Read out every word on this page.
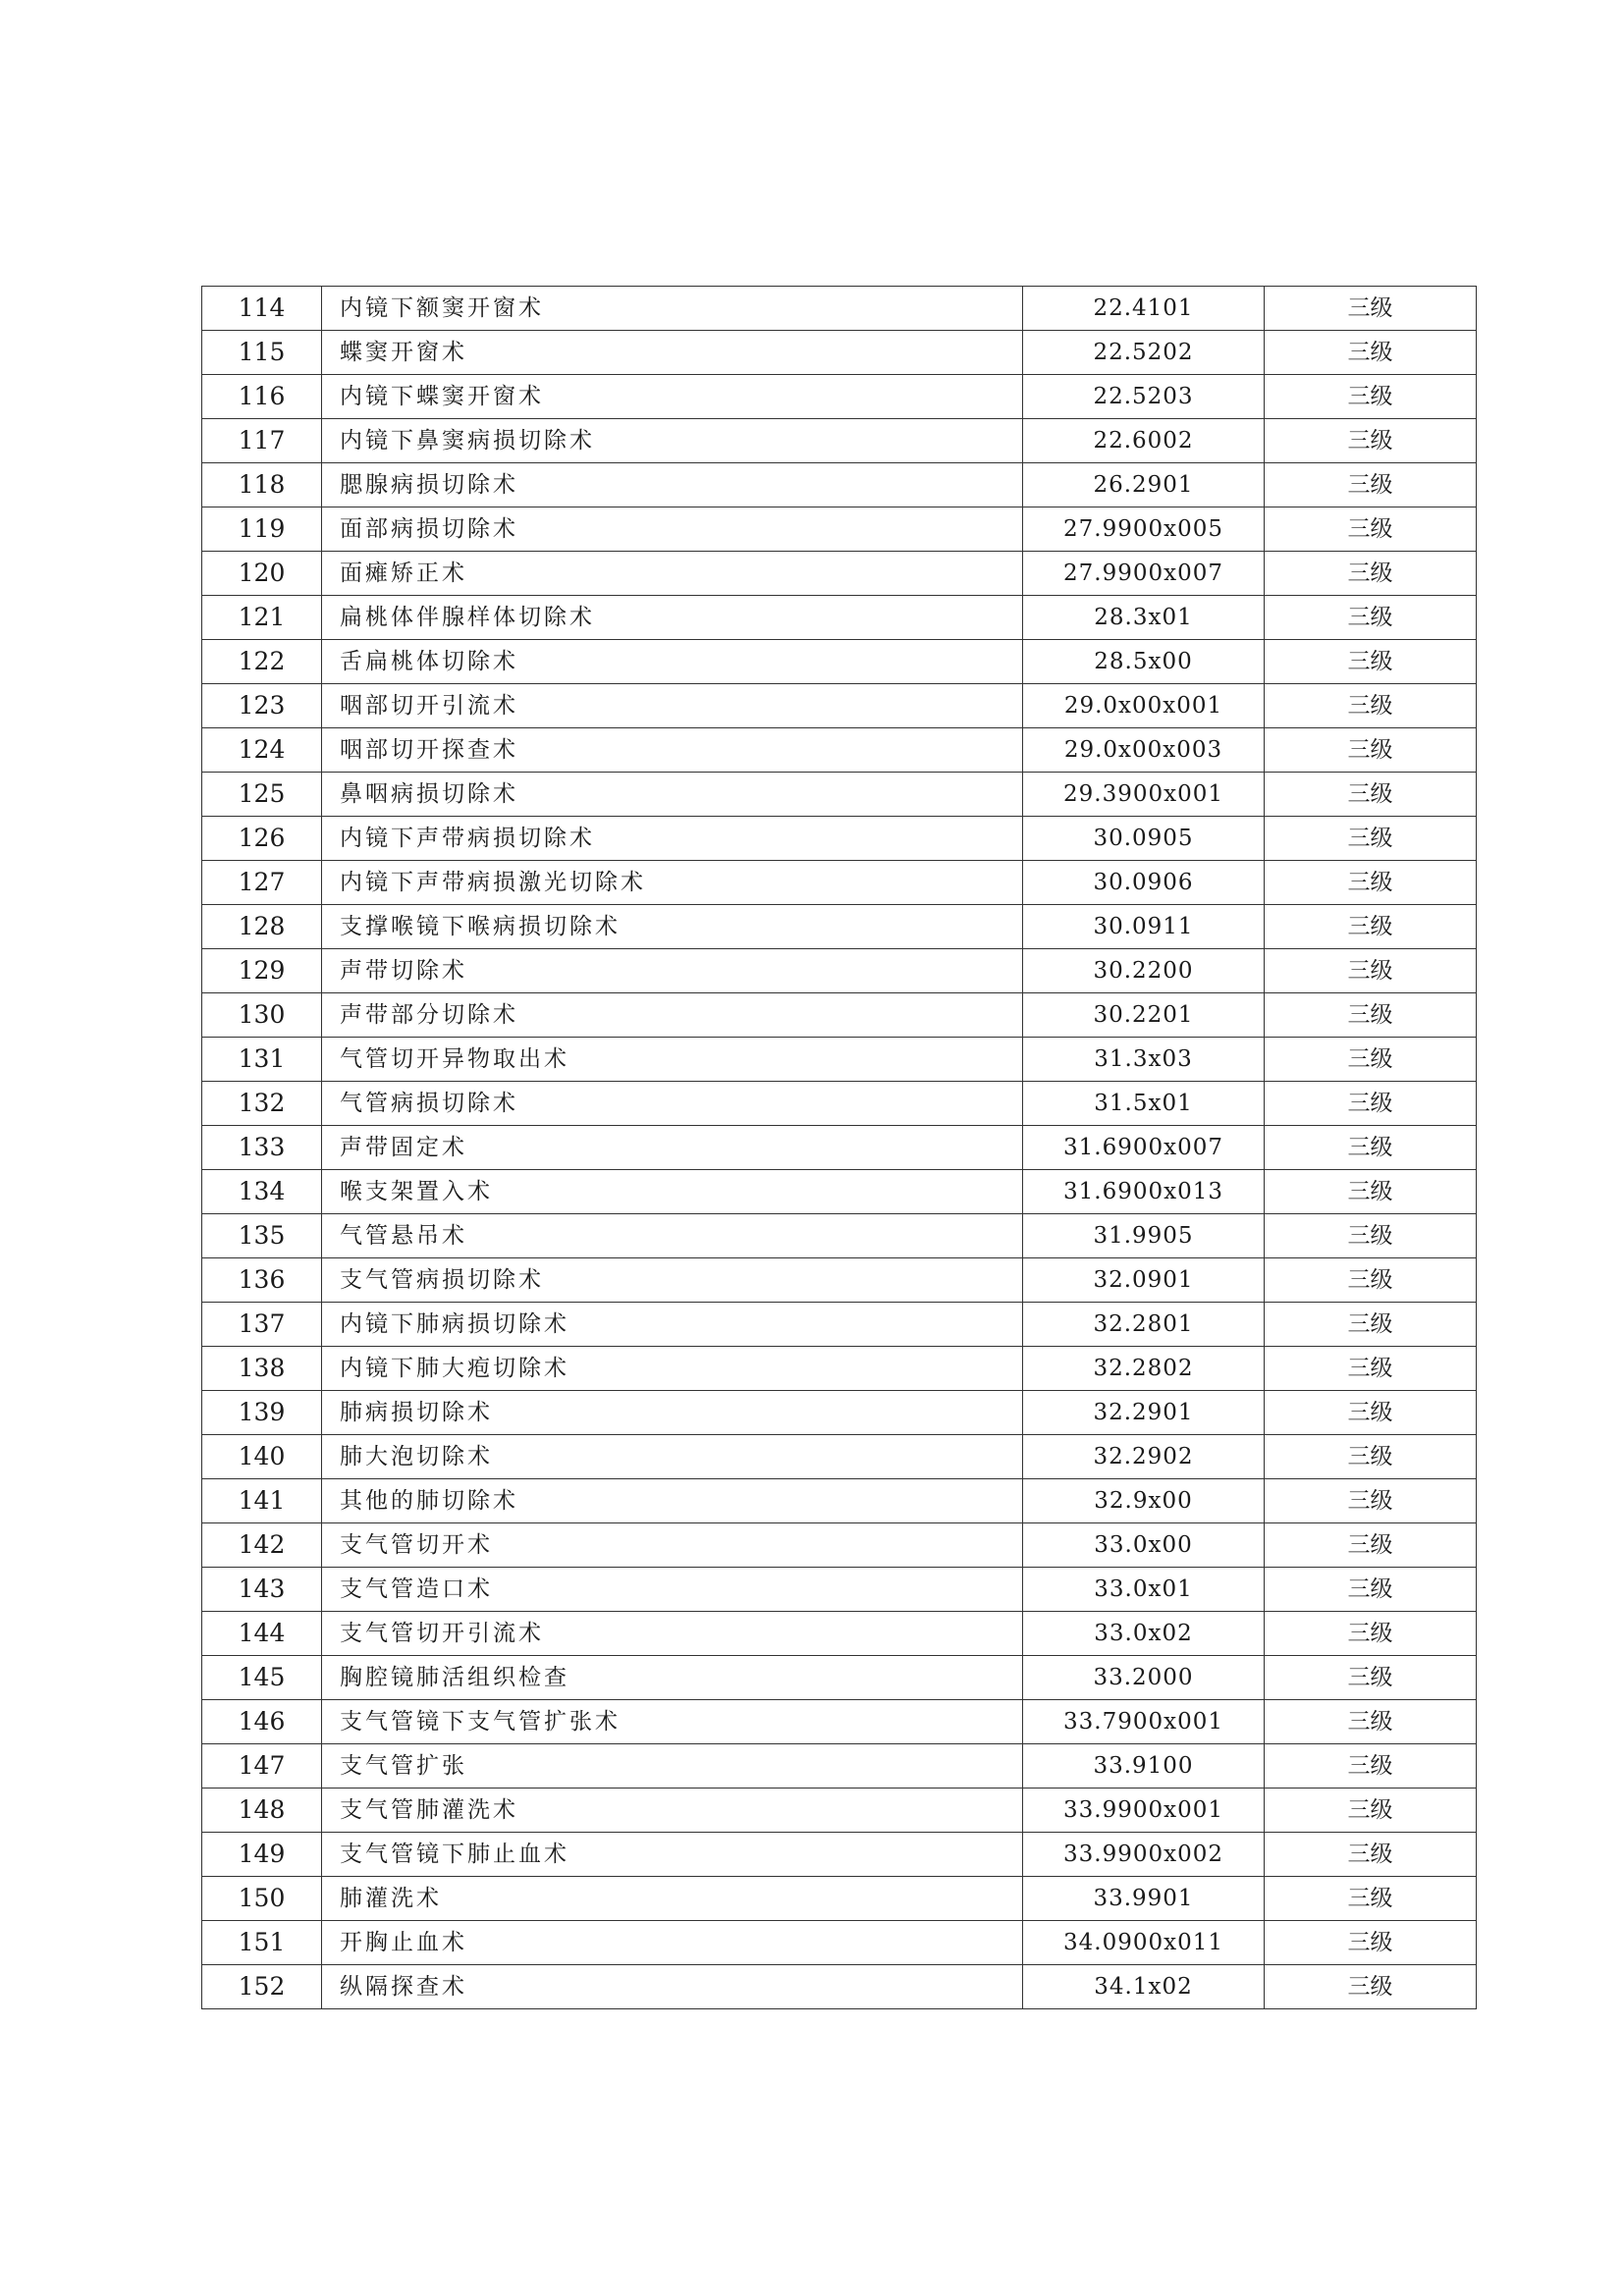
114	内镜下额窦开窗术	22.4101	三级
115	蝶窦开窗术	22.5202	三级
116	内镜下蝶窦开窗术	22.5203	三级
117	内镜下鼻窦病损切除术	22.6002	三级
118	腮腺病损切除术	26.2901	三级
119	面部病损切除术	27.9900x005	三级
120	面瘫矫正术	27.9900x007	三级
121	扁桃体伴腺样体切除术	28.3x01	三级
122	舌扁桃体切除术	28.5x00	三级
123	咽部切开引流术	29.0x00x001	三级
124	咽部切开探查术	29.0x00x003	三级
125	鼻咽病损切除术	29.3900x001	三级
126	内镜下声带病损切除术	30.0905	三级
127	内镜下声带病损激光切除术	30.0906	三级
128	支撑喉镜下喉病损切除术	30.0911	三级
129	声带切除术	30.2200	三级
130	声带部分切除术	30.2201	三级
131	气管切开异物取出术	31.3x03	三级
132	气管病损切除术	31.5x01	三级
133	声带固定术	31.6900x007	三级
134	喉支架置入术	31.6900x013	三级
135	气管悬吊术	31.9905	三级
136	支气管病损切除术	32.0901	三级
137	内镜下肺病损切除术	32.2801	三级
138	内镜下肺大疱切除术	32.2802	三级
139	肺病损切除术	32.2901	三级
140	肺大泡切除术	32.2902	三级
141	其他的肺切除术	32.9x00	三级
142	支气管切开术	33.0x00	三级
143	支气管造口术	33.0x01	三级
144	支气管切开引流术	33.0x02	三级
145	胸腔镜肺活组织检查	33.2000	三级
146	支气管镜下支气管扩张术	33.7900x001	三级
147	支气管扩张	33.9100	三级
148	支气管肺灌洗术	33.9900x001	三级
149	支气管镜下肺止血术	33.9900x002	三级
150	肺灌洗术	33.9901	三级
151	开胸止血术	34.0900x011	三级
152	纵隔探查术	34.1x02	三级
